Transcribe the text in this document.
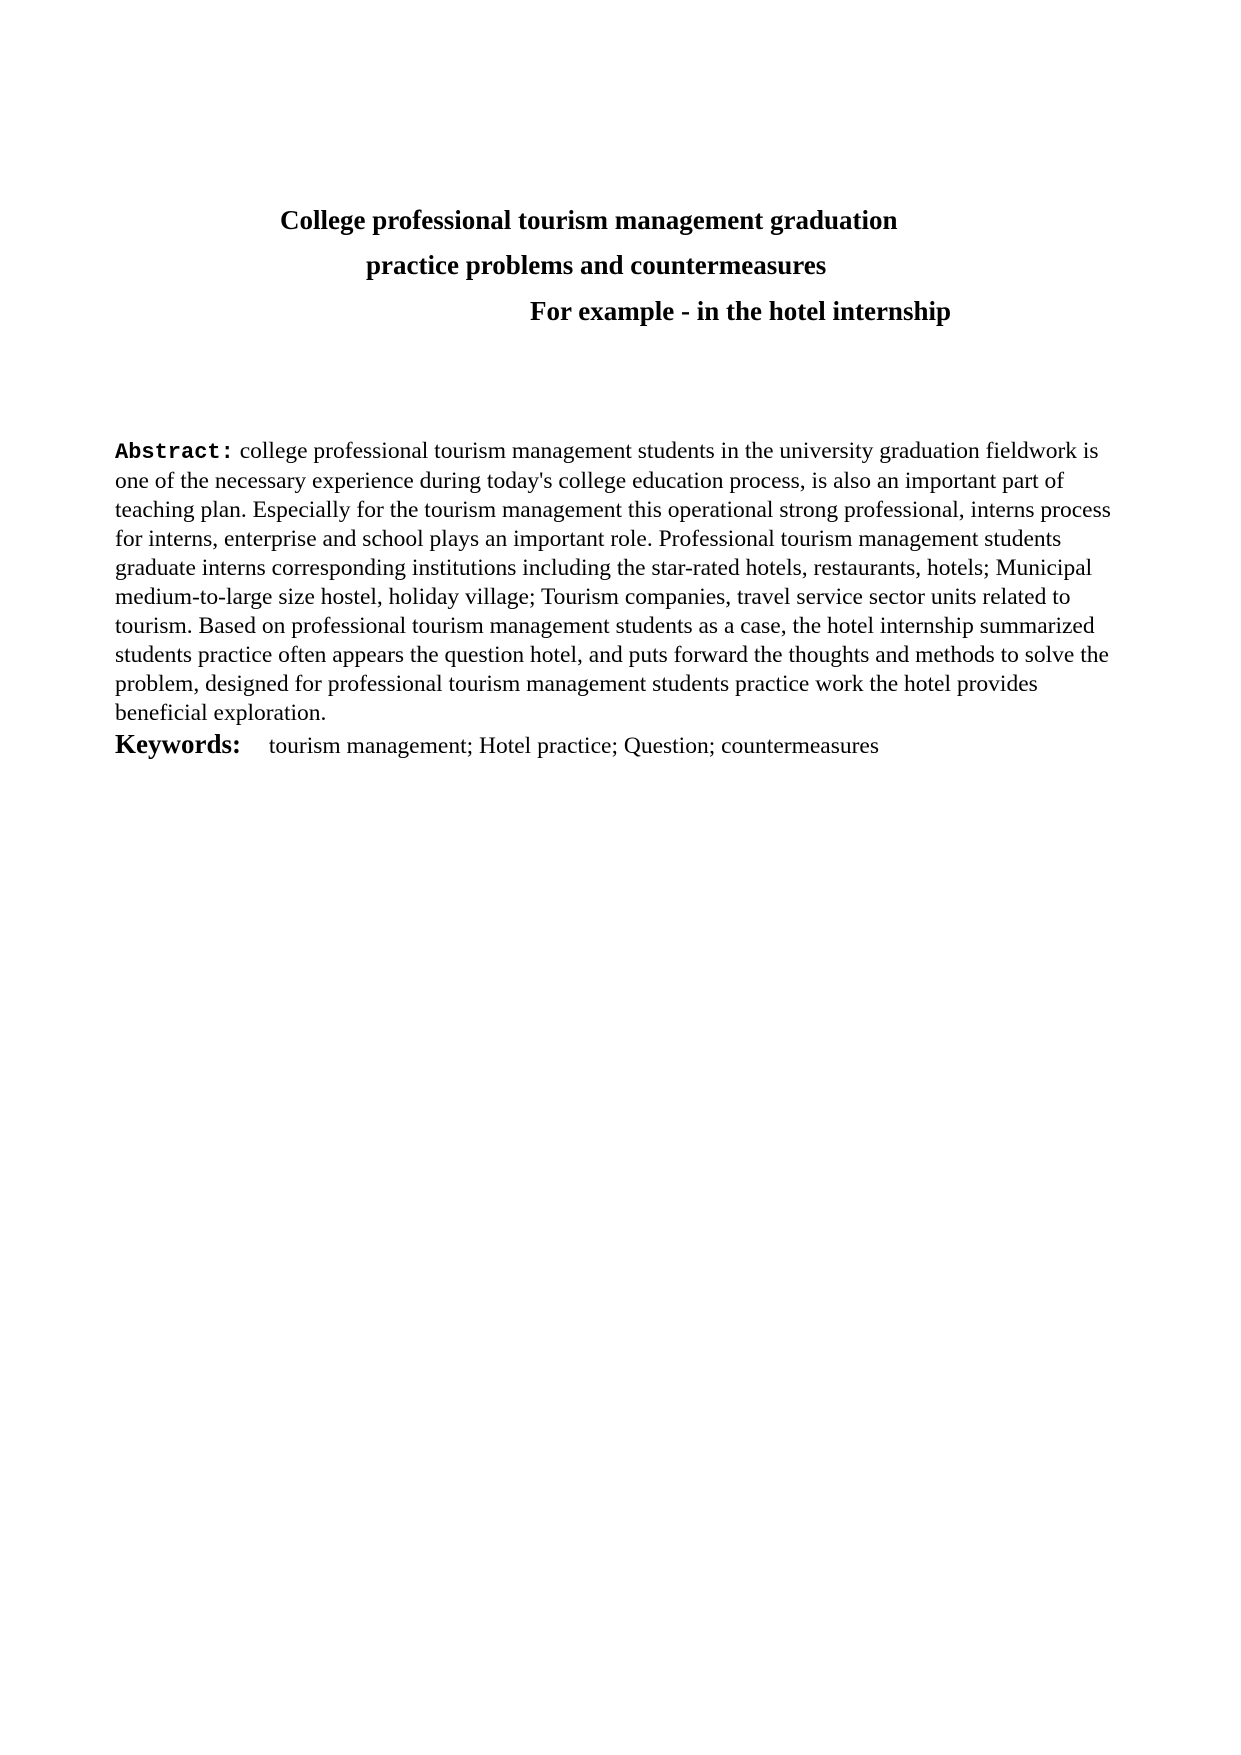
College professional tourism management graduation
practice problems and countermeasures
For example - in the hotel internship
Abstract: college professional tourism management students in the university graduation fieldwork is one of the necessary experience during today's college education process, is also an important part of teaching plan. Especially for the tourism management this operational strong professional, interns process for interns, enterprise and school plays an important role. Professional tourism management students graduate interns corresponding institutions including the star-rated hotels, restaurants, hotels; Municipal medium-to-large size hostel, holiday village; Tourism companies, travel service sector units related to tourism. Based on professional tourism management students as a case, the hotel internship summarized students practice often appears the question hotel, and puts forward the thoughts and methods to solve the problem, designed for professional tourism management students practice work the hotel provides beneficial exploration.
Keywords: tourism management; Hotel practice; Question; countermeasures
